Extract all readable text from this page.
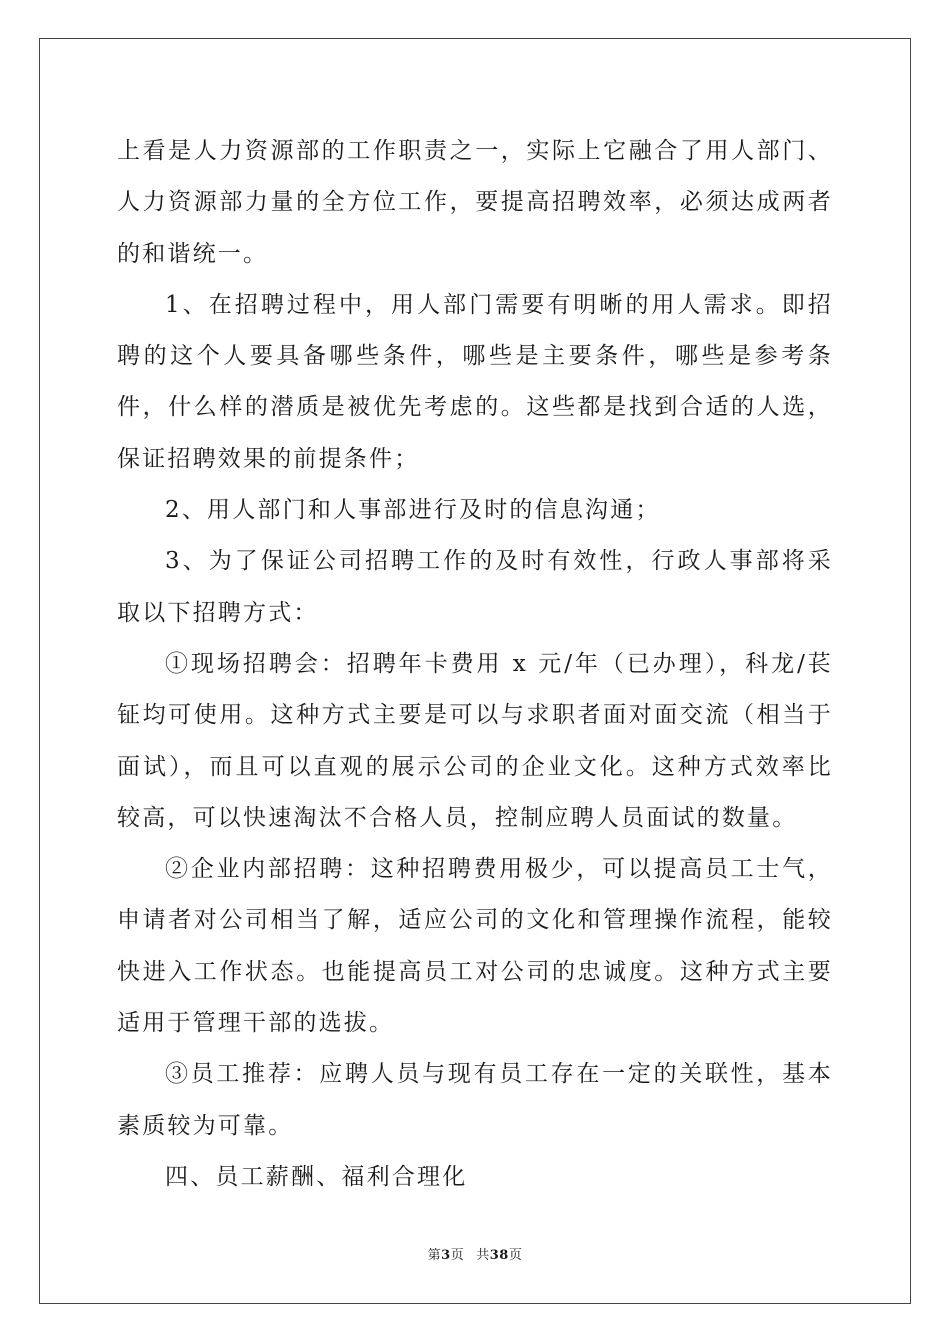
上看是人力资源部的工作职责之一，实际上它融合了用人部门、人力资源部力量的全方位工作，要提高招聘效率，必须达成两者的和谐统一。

1、在招聘过程中，用人部门需要有明晰的用人需求。即招聘的这个人要具备哪些条件，哪些是主要条件，哪些是参考条件，什么样的潜质是被优先考虑的。这些都是找到合适的人选，保证招聘效果的前提条件；

2、用人部门和人事部进行及时的信息沟通；

3、为了保证公司招聘工作的及时有效性，行政人事部将采取以下招聘方式：

①现场招聘会：招聘年卡费用 x 元/年（已办理），科龙/苌钲均可使用。这种方式主要是可以与求职者面对面交流（相当于面试），而且可以直观的展示公司的企业文化。这种方式效率比较高，可以快速淘汰不合格人员，控制应聘人员面试的数量。

②企业内部招聘：这种招聘费用极少，可以提高员工士气，申请者对公司相当了解，适应公司的文化和管理操作流程，能较快进入工作状态。也能提高员工对公司的忠诚度。这种方式主要适用于管理干部的选拔。

③员工推荐：应聘人员与现有员工存在一定的关联性，基本素质较为可靠。

四、员工薪酬、福利合理化

第3页 共38页
